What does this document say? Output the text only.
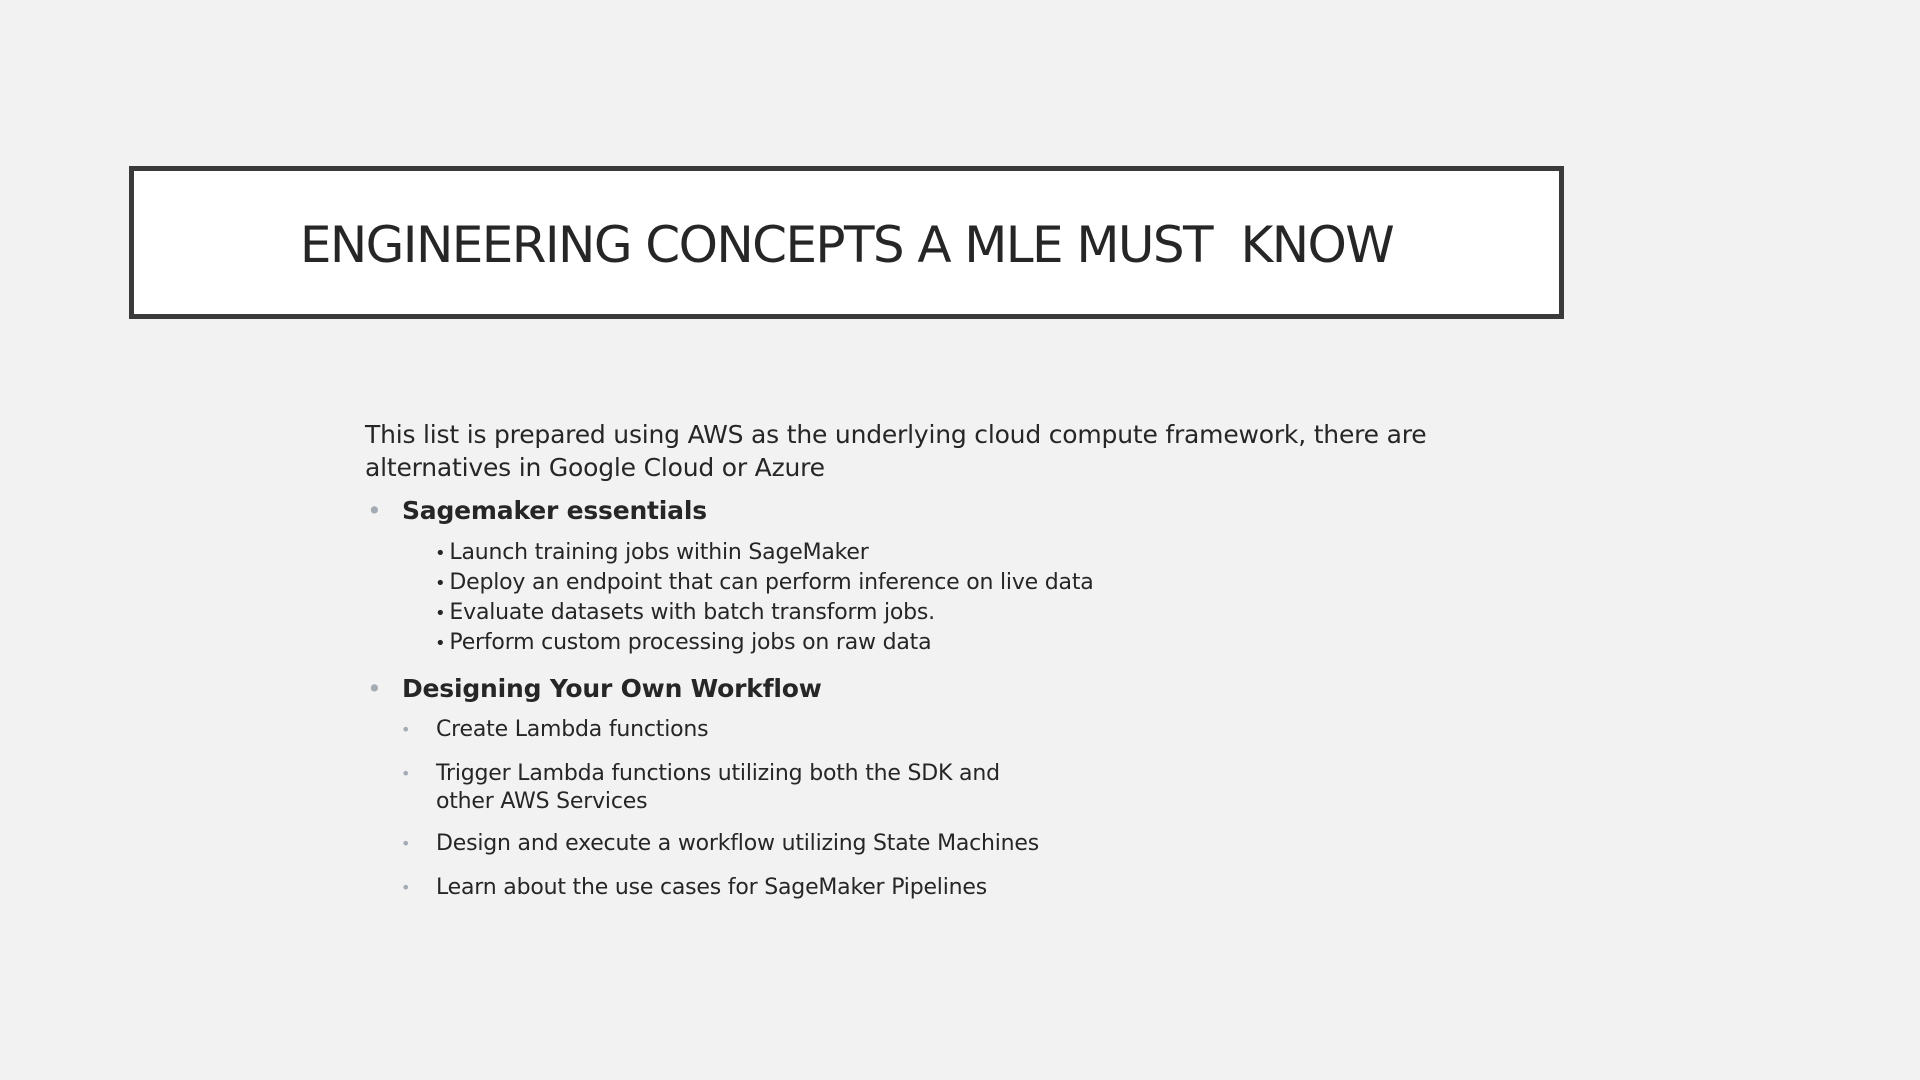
ENGINEERING CONCEPTS A MLE MUST  KNOW

This list is prepared using AWS as the underlying cloud compute framework, there are alternatives in Google Cloud or Azure

• Sagemaker essentials
• Launch training jobs within SageMaker
• Deploy an endpoint that can perform inference on live data
• Evaluate datasets with batch transform jobs.
• Perform custom processing jobs on raw data
• Designing Your Own Workflow
• Create Lambda functions
• Trigger Lambda functions utilizing both the SDK and other AWS Services
• Design and execute a workflow utilizing State Machines
• Learn about the use cases for SageMaker Pipelines
